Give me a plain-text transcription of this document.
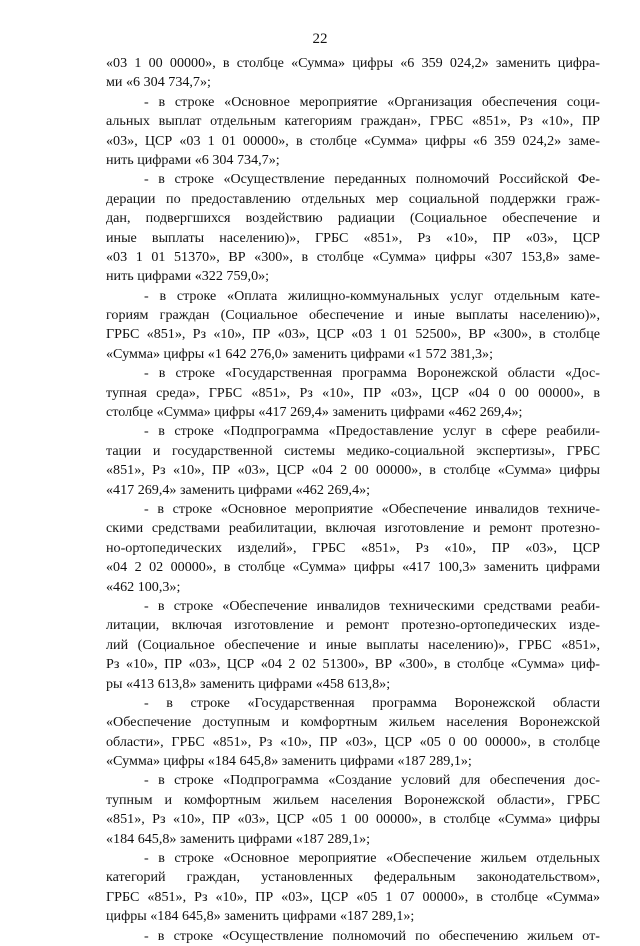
22
«03 1 00 00000», в столбце «Сумма» цифры «6 359 024,2» заменить цифра-
ми «6 304 734,7»;
- в строке «Основное мероприятие «Организация обеспечения соци-
альных выплат отдельным категориям граждан», ГРБС «851», Рз «10», ПР
«03», ЦСР «03 1 01 00000», в столбце «Сумма» цифры «6 359 024,2» заме-
нить цифрами «6 304 734,7»;
- в строке «Осуществление переданных полномочий Российской Фе-
дерации по предоставлению отдельных мер социальной поддержки граж-
дан, подвергшихся воздействию радиации (Социальное обеспечение и
иные выплаты населению)», ГРБС «851», Рз «10», ПР «03», ЦСР
«03 1 01 51370», ВР «300», в столбце «Сумма» цифры «307 153,8» заме-
нить цифрами «322 759,0»;
- в строке «Оплата жилищно-коммунальных услуг отдельным катe-
гориям граждан (Социальное обеспечение и иные выплаты населению)»,
ГРБС «851», Рз «10», ПР «03», ЦСР «03 1 01 52500», ВР «300», в столбце
«Сумма» цифры «1 642 276,0» заменить цифрами «1 572 381,3»;
- в строке «Государственная программа Воронежской области «Дос-
тупная среда», ГРБС «851», Рз «10», ПР «03», ЦСР «04 0 00 00000», в
столбце «Сумма» цифры «417 269,4» заменить цифрами «462 269,4»;
- в строке «Подпрограмма «Предоставление услуг в сфере реабили-
тации и государственной системы медико-социальной экспертизы», ГРБС
«851», Рз «10», ПР «03», ЦСР «04 2 00 00000», в столбце «Сумма» цифры
«417 269,4» заменить цифрами «462 269,4»;
- в строке «Основное мероприятие «Обеспечение инвалидов техниче-
скими средствами реабилитации, включая изготовление и ремонт протезно-
но-ортопедических изделий», ГРБС «851», Рз «10», ПР «03», ЦСР
«04 2 02 00000», в столбце «Сумма» цифры «417 100,3» заменить цифрами
«462 100,3»;
- в строке «Обеспечение инвалидов техническими средствами реаби-
литации, включая изготовление и ремонт протезно-ортопедических изде-
лий (Социальное обеспечение и иные выплаты населению)», ГРБС «851»,
Рз «10», ПР «03», ЦСР «04 2 02 51300», ВР «300», в столбце «Сумма» циф-
ры «413 613,8» заменить цифрами «458 613,8»;
- в строке «Государственная программа Воронежской области
«Обеспечение доступным и комфортным жильем населения Воронежской
области», ГРБС «851», Рз «10», ПР «03», ЦСР «05 0 00 00000», в столбце
«Сумма» цифры «184 645,8» заменить цифрами «187 289,1»;
- в строке «Подпрограмма «Создание условий для обеспечения дос-
тупным и комфортным жильем населения Воронежской области», ГРБС
«851», Рз «10», ПР «03», ЦСР «05 1 00 00000», в столбце «Сумма» цифры
«184 645,8» заменить цифрами «187 289,1»;
- в строке «Основное мероприятие «Обеспечение жильем отдельных
категорий граждан, установленных федеральным законодательством»,
ГРБС «851», Рз «10», ПР «03», ЦСР «05 1 07 00000», в столбце «Сумма»
цифры «184 645,8» заменить цифрами «187 289,1»;
- в строке «Осуществление полномочий по обеспечению жильем от-
